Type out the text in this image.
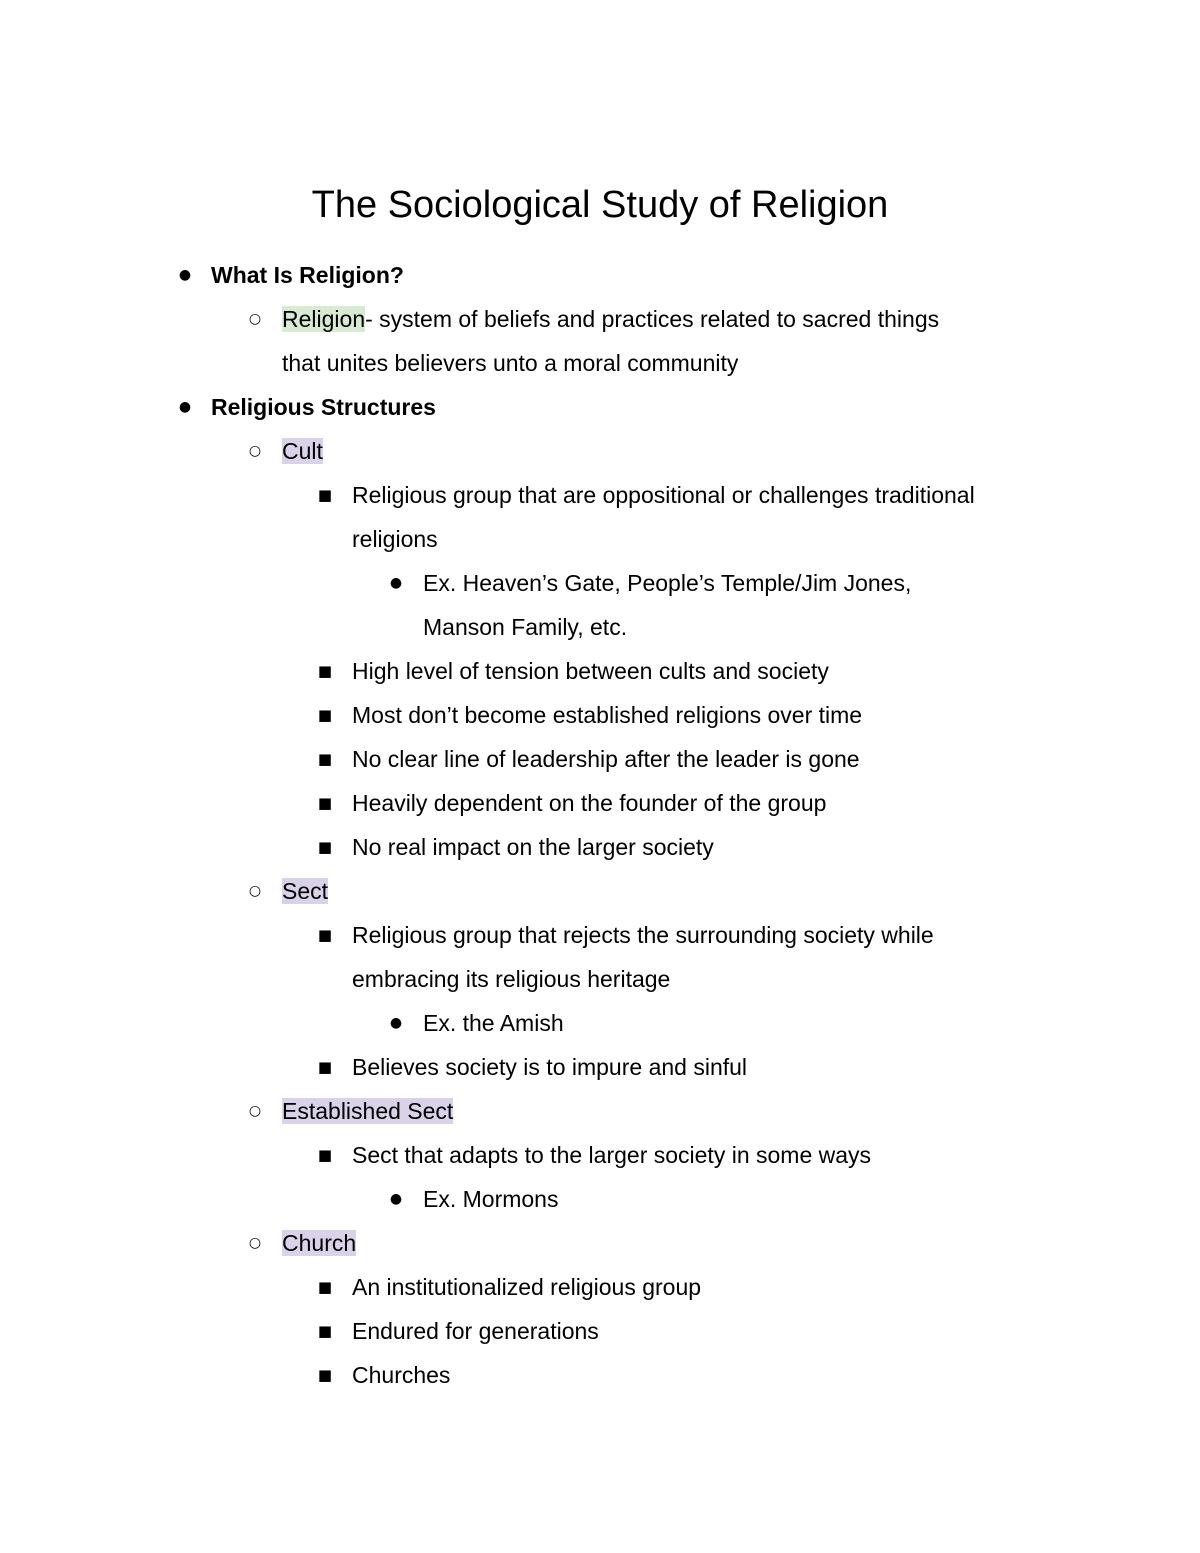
The Sociological Study of Religion
● What Is Religion?
○ Religion- system of beliefs and practices related to sacred things
that unites believers unto a moral community
● Religious Structures
○ Cult
■ Religious group that are oppositional or challenges traditional
religions
● Ex. Heaven’s Gate, People’s Temple/Jim Jones,
Manson Family, etc.
■ High level of tension between cults and society
■ Most don’t become established religions over time
■ No clear line of leadership after the leader is gone
■ Heavily dependent on the founder of the group
■ No real impact on the larger society
○ Sect
■ Religious group that rejects the surrounding society while
embracing its religious heritage
● Ex. the Amish
■ Believes society is to impure and sinful
○ Established Sect
■ Sect that adapts to the larger society in some ways
● Ex. Mormons
○ Church
■ An institutionalized religious group
■ Endured for generations
■ Churches
